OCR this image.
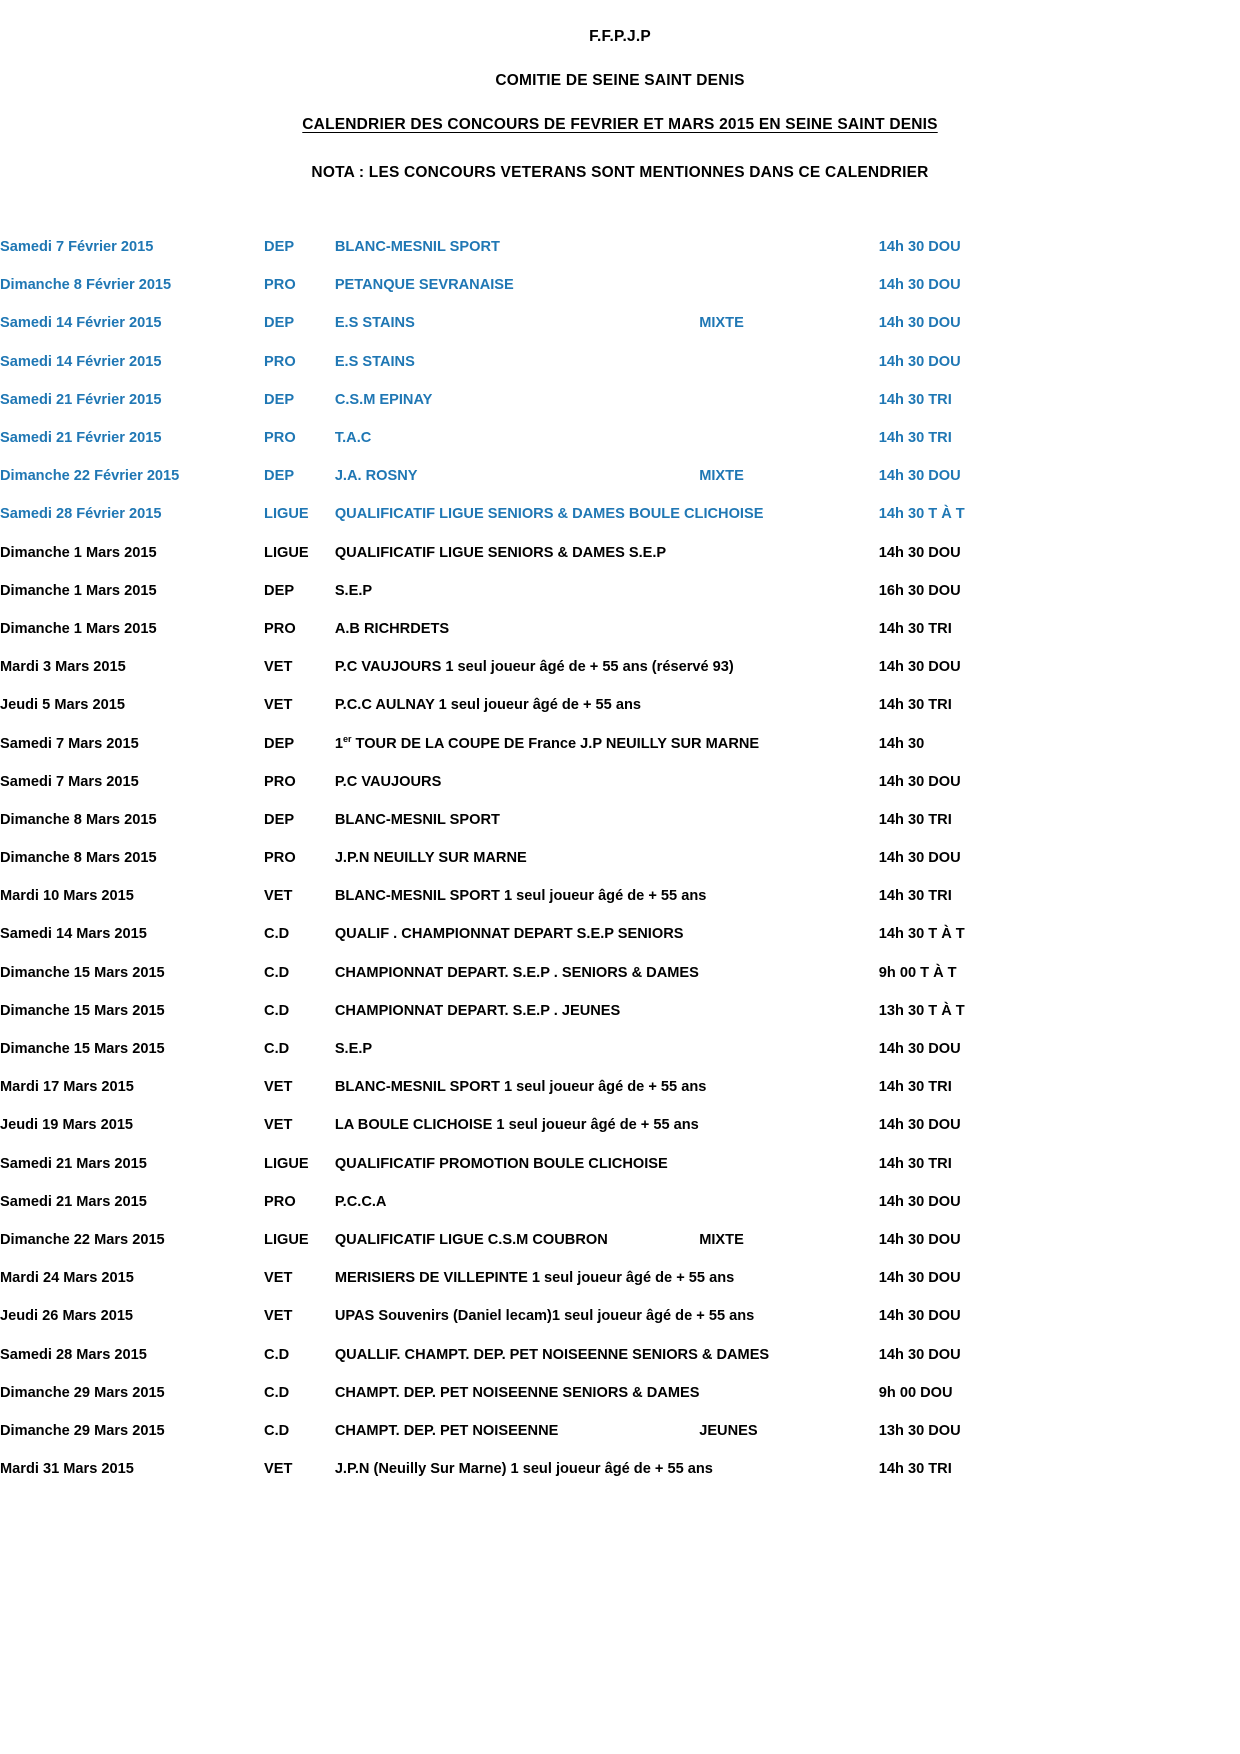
F.F.P.J.P
COMITIE DE SEINE SAINT DENIS
CALENDRIER DES CONCOURS DE FEVRIER ET MARS 2015 EN SEINE SAINT DENIS
NOTA : LES CONCOURS VETERANS SONT MENTIONNES DANS CE CALENDRIER
Samedi 7 Février 2015	DEP	BLANC-MESNIL SPORT		14h 30 DOU	
Dimanche 8 Février 2015	PRO	PETANQUE SEVRANAISE		14h 30 DOU	
Samedi 14 Février 2015	DEP	E.S STAINS	MIXTE	14h 30 DOU	
Samedi 14 Février 2015	PRO	E.S STAINS		14h 30 DOU	
Samedi 21 Février 2015	DEP	C.S.M EPINAY		14h 30 TRI	
Samedi 21 Février 2015	PRO	T.A.C		14h 30 TRI	
Dimanche 22 Février 2015	DEP	J.A. ROSNY	MIXTE	14h 30 DOU	
Samedi 28 Février 2015	LIGUE	QUALIFICATIF LIGUE SENIORS & DAMES BOULE CLICHOISE		14h 30 T À T	
Dimanche 1 Mars 2015	LIGUE	QUALIFICATIF LIGUE SENIORS & DAMES S.E.P		14h 30 DOU	
Dimanche 1 Mars 2015	DEP	S.E.P		16h 30 DOU	
Dimanche 1 Mars 2015	PRO	A.B RICHRDETS		14h 30 TRI	
Mardi 3 Mars 2015	VET	P.C VAUJOURS 1 seul joueur âgé de + 55 ans (réservé 93)		14h 30 DOU	
Jeudi 5 Mars 2015	VET	P.C.C AULNAY 1 seul joueur âgé de + 55 ans		14h 30 TRI	
Samedi 7 Mars 2015	DEP	1er TOUR DE LA COUPE DE France J.P NEUILLY SUR MARNE		14h 30	
Samedi 7 Mars 2015	PRO	P.C VAUJOURS		14h 30 DOU	
Dimanche 8 Mars 2015	DEP	BLANC-MESNIL SPORT		14h 30 TRI	
Dimanche 8 Mars 2015	PRO	J.P.N NEUILLY SUR MARNE		14h 30 DOU	
Mardi 10 Mars 2015	VET	BLANC-MESNIL SPORT 1 seul joueur âgé de + 55 ans		14h 30 TRI	
Samedi 14 Mars 2015	C.D	QUALIF . CHAMPIONNAT DEPART S.E.P SENIORS		14h 30 T À T	
Dimanche 15 Mars 2015	C.D	CHAMPIONNAT DEPART. S.E.P . SENIORS & DAMES		9h 00 T À T	
Dimanche 15 Mars 2015	C.D	CHAMPIONNAT DEPART. S.E.P . JEUNES		13h 30 T À T	
Dimanche 15 Mars 2015	C.D	S.E.P		14h 30 DOU	
Mardi 17 Mars 2015	VET	BLANC-MESNIL SPORT 1 seul joueur âgé de + 55 ans		14h 30 TRI	
Jeudi 19 Mars 2015	VET	LA BOULE CLICHOISE 1 seul joueur âgé de + 55 ans		14h 30 DOU	
Samedi 21 Mars 2015	LIGUE	QUALIFICATIF PROMOTION BOULE CLICHOISE		14h 30 TRI	
Samedi 21 Mars 2015	PRO	P.C.C.A		14h 30 DOU	
Dimanche 22 Mars 2015	LIGUE	QUALIFICATIF LIGUE C.S.M COUBRON	MIXTE	14h 30 DOU	
Mardi 24 Mars 2015	VET	MERISIERS DE VILLEPINTE 1 seul joueur âgé de + 55 ans		14h 30 DOU	
Jeudi 26 Mars 2015	VET	UPAS Souvenirs (Daniel lecam)1 seul joueur âgé de + 55 ans		14h 30 DOU	
Samedi 28 Mars 2015	C.D	QUALLIF. CHAMPT. DEP. PET NOISEENNE SENIORS & DAMES		14h 30 DOU	
Dimanche 29 Mars 2015	C.D	CHAMPT. DEP. PET NOISEENNE SENIORS & DAMES		9h 00 DOU	
Dimanche 29 Mars 2015	C.D	CHAMPT. DEP. PET NOISEENNE	JEUNES	13h 30 DOU	
Mardi 31 Mars 2015	VET	J.P.N (Neuilly Sur Marne) 1 seul joueur âgé de + 55 ans		14h 30 TRI	
